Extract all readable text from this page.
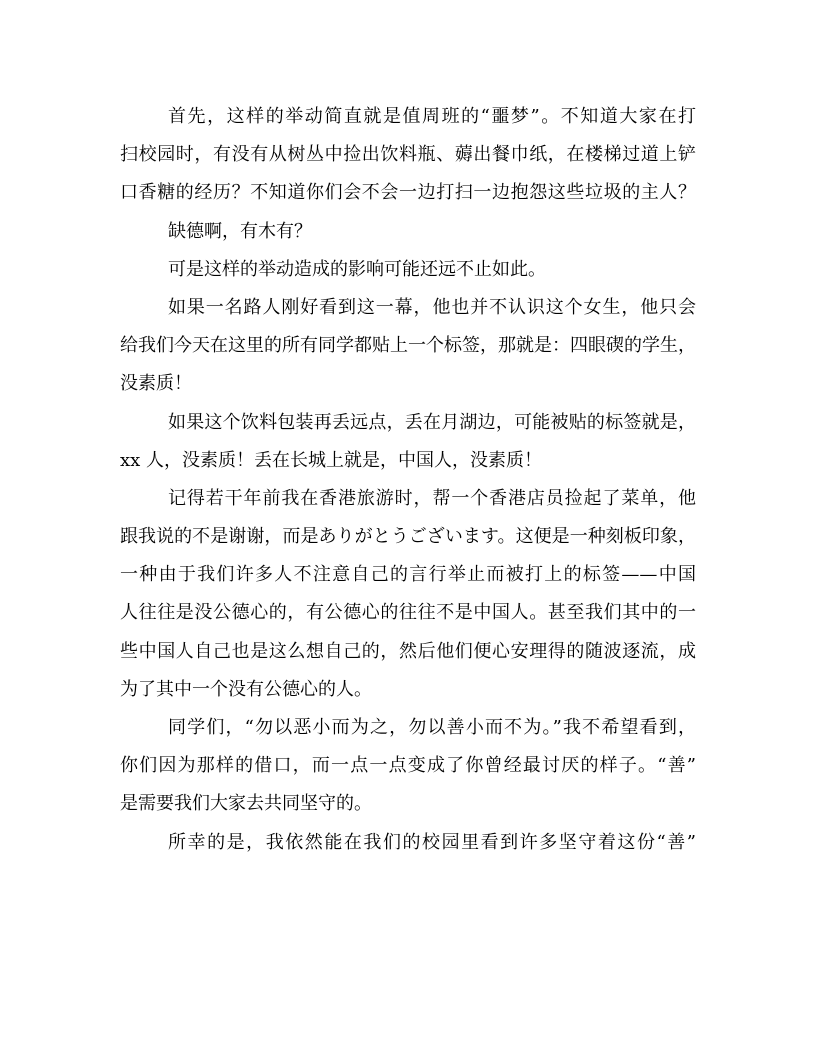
首先，这样的举动简直就是值周班的“噩梦”。不知道大家在打
扫校园时，有没有从树丛中捡出饮料瓶、薅出餐巾纸，在楼梯过道上铲
口香糖的经历？不知道你们会不会一边打扫一边抱怨这些垃圾的主人？
缺德啊，有木有？
可是这样的举动造成的影响可能还远不止如此。
如果一名路人刚好看到这一幕，他也并不认识这个女生，他只会
给我们今天在这里的所有同学都贴上一个标签，那就是：四眼碶的学生，
没素质！
如果这个饮料包装再丢远点，丢在月湖边，可能被贴的标签就是，
xx 人，没素质！丢在长城上就是，中国人，没素质！
记得若干年前我在香港旅游时，帮一个香港店员捡起了菜单，他
跟我说的不是谢谢，而是ありがとうございます。这便是一种刻板印象，
一种由于我们许多人不注意自己的言行举止而被打上的标签——中国
人往往是没公德心的，有公德心的往往不是中国人。甚至我们其中的一
些中国人自己也是这么想自己的，然后他们便心安理得的随波逐流，成
为了其中一个没有公德心的人。
同学们，“勿以恶小而为之，勿以善小而不为。”我不希望看到，
你们因为那样的借口，而一点一点变成了你曾经最讨厌的样子。“善”
是需要我们大家去共同坚守的。
所幸的是，我依然能在我们的校园里看到许多坚守着这份“善”
